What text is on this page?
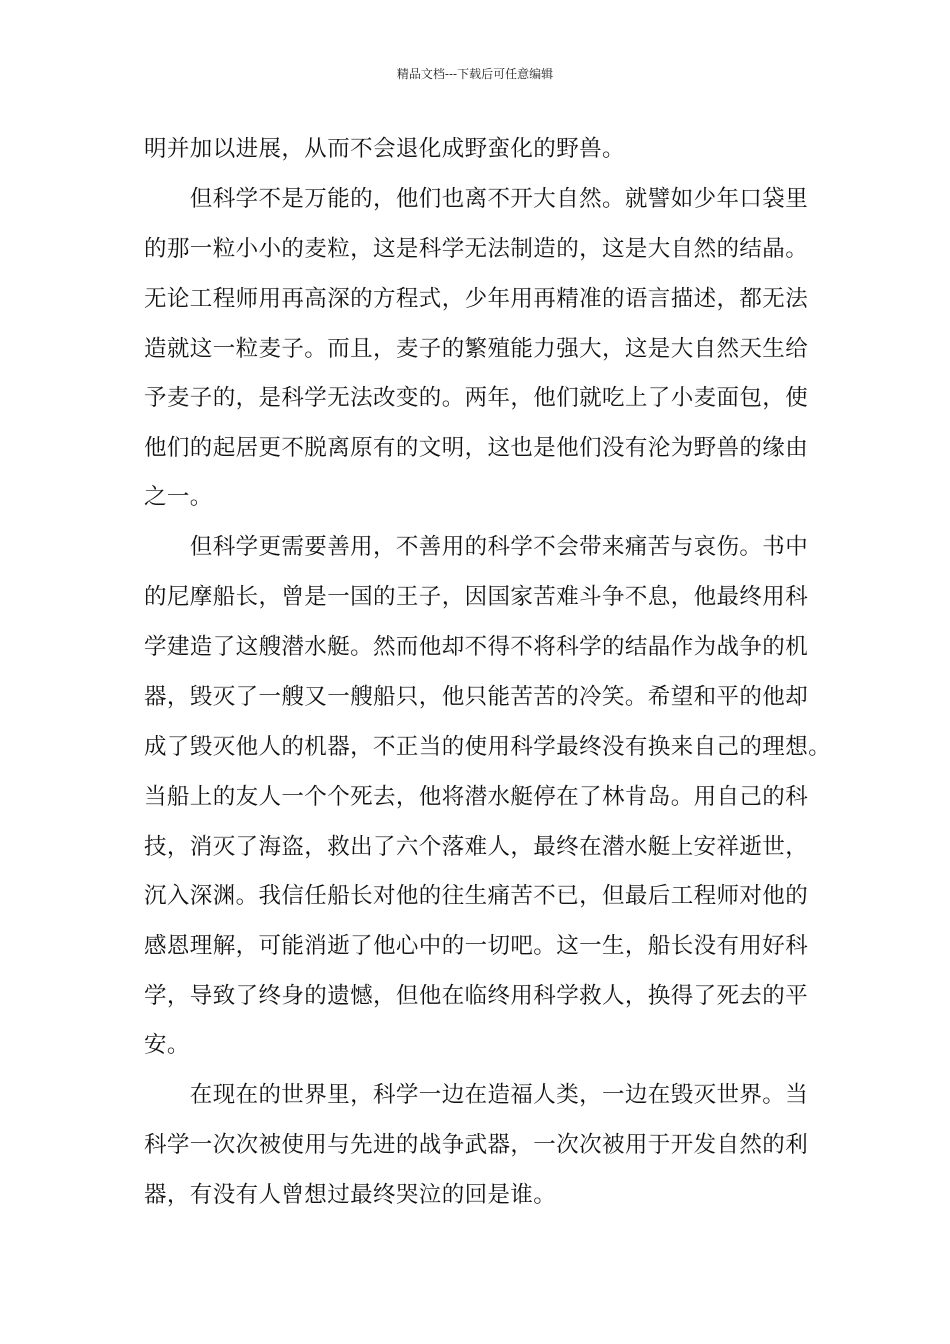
精品文档---下载后可任意编辑
明并加以进展，从而不会退化成野蛮化的野兽。
　　但科学不是万能的，他们也离不开大自然。就譬如少年口袋里
的那一粒小小的麦粒，这是科学无法制造的，这是大自然的结晶。
无论工程师用再高深的方程式，少年用再精准的语言描述，都无法
造就这一粒麦子。而且，麦子的繁殖能力强大，这是大自然天生给
予麦子的，是科学无法改变的。两年，他们就吃上了小麦面包，使
他们的起居更不脱离原有的文明，这也是他们没有沦为野兽的缘由
之一。
　　但科学更需要善用，不善用的科学不会带来痛苦与哀伤。书中
的尼摩船长，曾是一国的王子，因国家苦难斗争不息，他最终用科
学建造了这艘潜水艇。然而他却不得不将科学的结晶作为战争的机
器，毁灭了一艘又一艘船只，他只能苦苦的冷笑。希望和平的他却
成了毁灭他人的机器，不正当的使用科学最终没有换来自己的理想。
当船上的友人一个个死去，他将潜水艇停在了林肯岛。用自己的科
技，消灭了海盗，救出了六个落难人，最终在潜水艇上安祥逝世，
沉入深渊。我信任船长对他的往生痛苦不已，但最后工程师对他的
感恩理解，可能消逝了他心中的一切吧。这一生，船长没有用好科
学，导致了终身的遗憾，但他在临终用科学救人，换得了死去的平
安。
　　在现在的世界里，科学一边在造福人类，一边在毁灭世界。当
科学一次次被使用与先进的战争武器，一次次被用于开发自然的利
器，有没有人曾想过最终哭泣的回是谁。
